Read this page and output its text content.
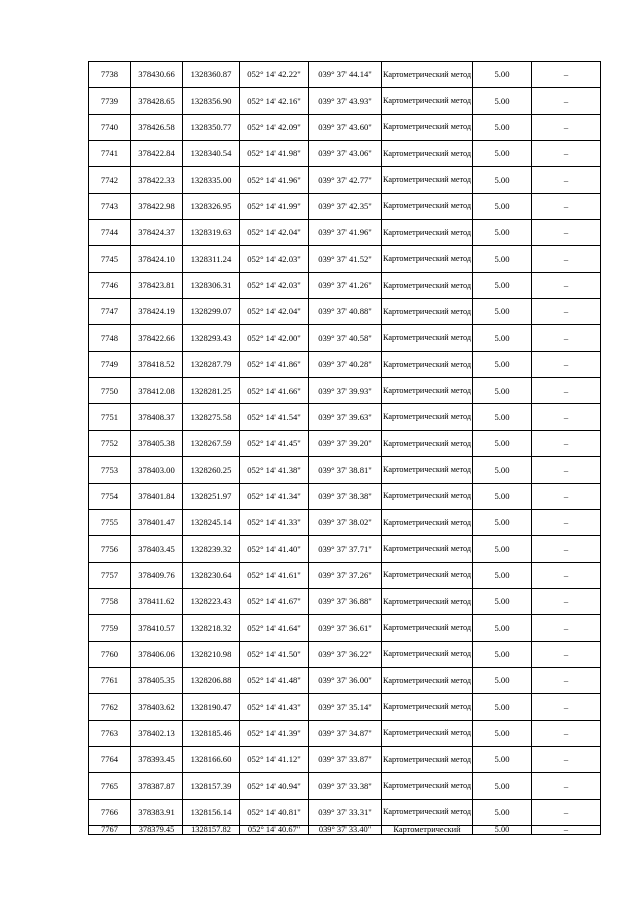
7738	378430.66	1328360.87	052° 14' 42.22"	039° 37' 44.14"	Картометрический метод	5.00	–
7739	378428.65	1328356.90	052° 14' 42.16"	039° 37' 43.93"	Картометрический метод	5.00	–
7740	378426.58	1328350.77	052° 14' 42.09"	039° 37' 43.60"	Картометрический метод	5.00	–
7741	378422.84	1328340.54	052° 14' 41.98"	039° 37' 43.06"	Картометрический метод	5.00	–
7742	378422.33	1328335.00	052° 14' 41.96"	039° 37' 42.77"	Картометрический метод	5.00	–
7743	378422.98	1328326.95	052° 14' 41.99"	039° 37' 42.35"	Картометрический метод	5.00	–
7744	378424.37	1328319.63	052° 14' 42.04"	039° 37' 41.96"	Картометрический метод	5.00	–
7745	378424.10	1328311.24	052° 14' 42.03"	039° 37' 41.52"	Картометрический метод	5.00	–
7746	378423.81	1328306.31	052° 14' 42.03"	039° 37' 41.26"	Картометрический метод	5.00	–
7747	378424.19	1328299.07	052° 14' 42.04"	039° 37' 40.88"	Картометрический метод	5.00	–
7748	378422.66	1328293.43	052° 14' 42.00"	039° 37' 40.58"	Картометрический метод	5.00	–
7749	378418.52	1328287.79	052° 14' 41.86"	039° 37' 40.28"	Картометрический метод	5.00	–
7750	378412.08	1328281.25	052° 14' 41.66"	039° 37' 39.93"	Картометрический метод	5.00	–
7751	378408.37	1328275.58	052° 14' 41.54"	039° 37' 39.63"	Картометрический метод	5.00	–
7752	378405.38	1328267.59	052° 14' 41.45"	039° 37' 39.20"	Картометрический метод	5.00	–
7753	378403.00	1328260.25	052° 14' 41.38"	039° 37' 38.81"	Картометрический метод	5.00	–
7754	378401.84	1328251.97	052° 14' 41.34"	039° 37' 38.38"	Картометрический метод	5.00	–
7755	378401.47	1328245.14	052° 14' 41.33"	039° 37' 38.02"	Картометрический метод	5.00	–
7756	378403.45	1328239.32	052° 14' 41.40"	039° 37' 37.71"	Картометрический метод	5.00	–
7757	378409.76	1328230.64	052° 14' 41.61"	039° 37' 37.26"	Картометрический метод	5.00	–
7758	378411.62	1328223.43	052° 14' 41.67"	039° 37' 36.88"	Картометрический метод	5.00	–
7759	378410.57	1328218.32	052° 14' 41.64"	039° 37' 36.61"	Картометрический метод	5.00	–
7760	378406.06	1328210.98	052° 14' 41.50"	039° 37' 36.22"	Картометрический метод	5.00	–
7761	378405.35	1328206.88	052° 14' 41.48"	039° 37' 36.00"	Картометрический метод	5.00	–
7762	378403.62	1328190.47	052° 14' 41.43"	039° 37' 35.14"	Картометрический метод	5.00	–
7763	378402.13	1328185.46	052° 14' 41.39"	039° 37' 34.87"	Картометрический метод	5.00	–
7764	378393.45	1328166.60	052° 14' 41.12"	039° 37' 33.87"	Картометрический метод	5.00	–
7765	378387.87	1328157.39	052° 14' 40.94"	039° 37' 33.38"	Картометрический метод	5.00	–
7766	378383.91	1328156.14	052° 14' 40.81"	039° 37' 33.31"	Картометрический метод	5.00	–
7767	378379.45	1328157.82	052° 14' 40.67"	039° 37' 33.40"	Картометрический	5.00	–
